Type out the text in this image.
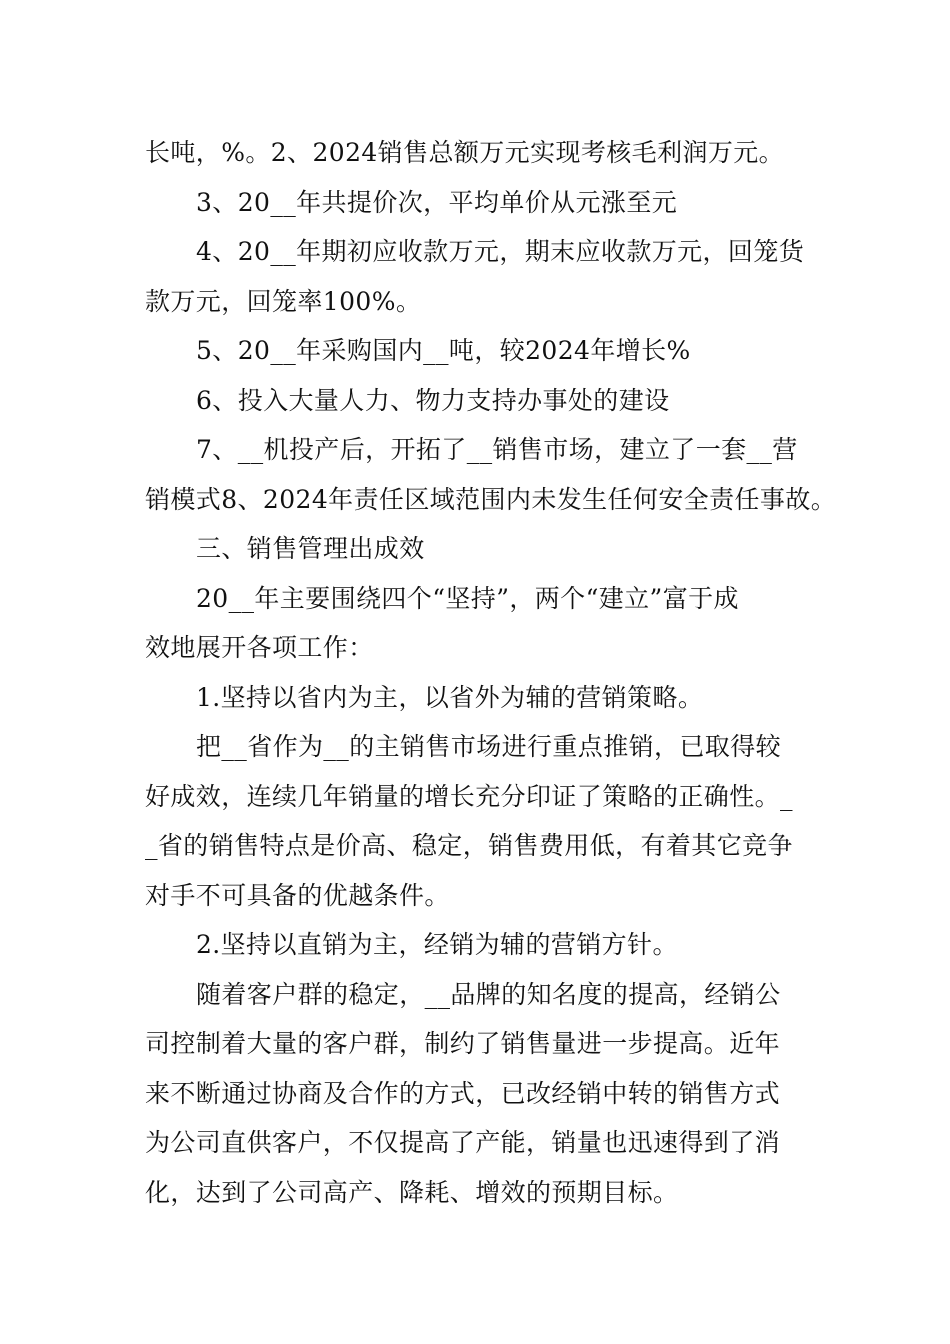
长吨，%。2、2024销售总额万元实现考核毛利润万元。
3、20__年共提价次，平均单价从元涨至元
4、20__年期初应收款万元，期末应收款万元，回笼货
款万元，回笼率100%。
5、20__年采购国内__吨，较2024年增长%
6、投入大量人力、物力支持办事处的建设
7、__机投产后，开拓了__销售市场，建立了一套__营
销模式8、2024年责任区域范围内未发生任何安全责任事故。
三、销售管理出成效
20__年主要围绕四个“坚持”，两个“建立”富于成
效地展开各项工作：
1.坚持以省内为主，以省外为辅的营销策略。
把__省作为__的主销售市场进行重点推销，已取得较
好成效，连续几年销量的增长充分印证了策略的正确性。_
_省的销售特点是价高、稳定，销售费用低，有着其它竞争
对手不可具备的优越条件。
2.坚持以直销为主，经销为辅的营销方针。
随着客户群的稳定，__品牌的知名度的提高，经销公
司控制着大量的客户群，制约了销售量进一步提高。近年
来不断通过协商及合作的方式，已改经销中转的销售方式
为公司直供客户，不仅提高了产能，销量也迅速得到了消
化，达到了公司高产、降耗、增效的预期目标。
